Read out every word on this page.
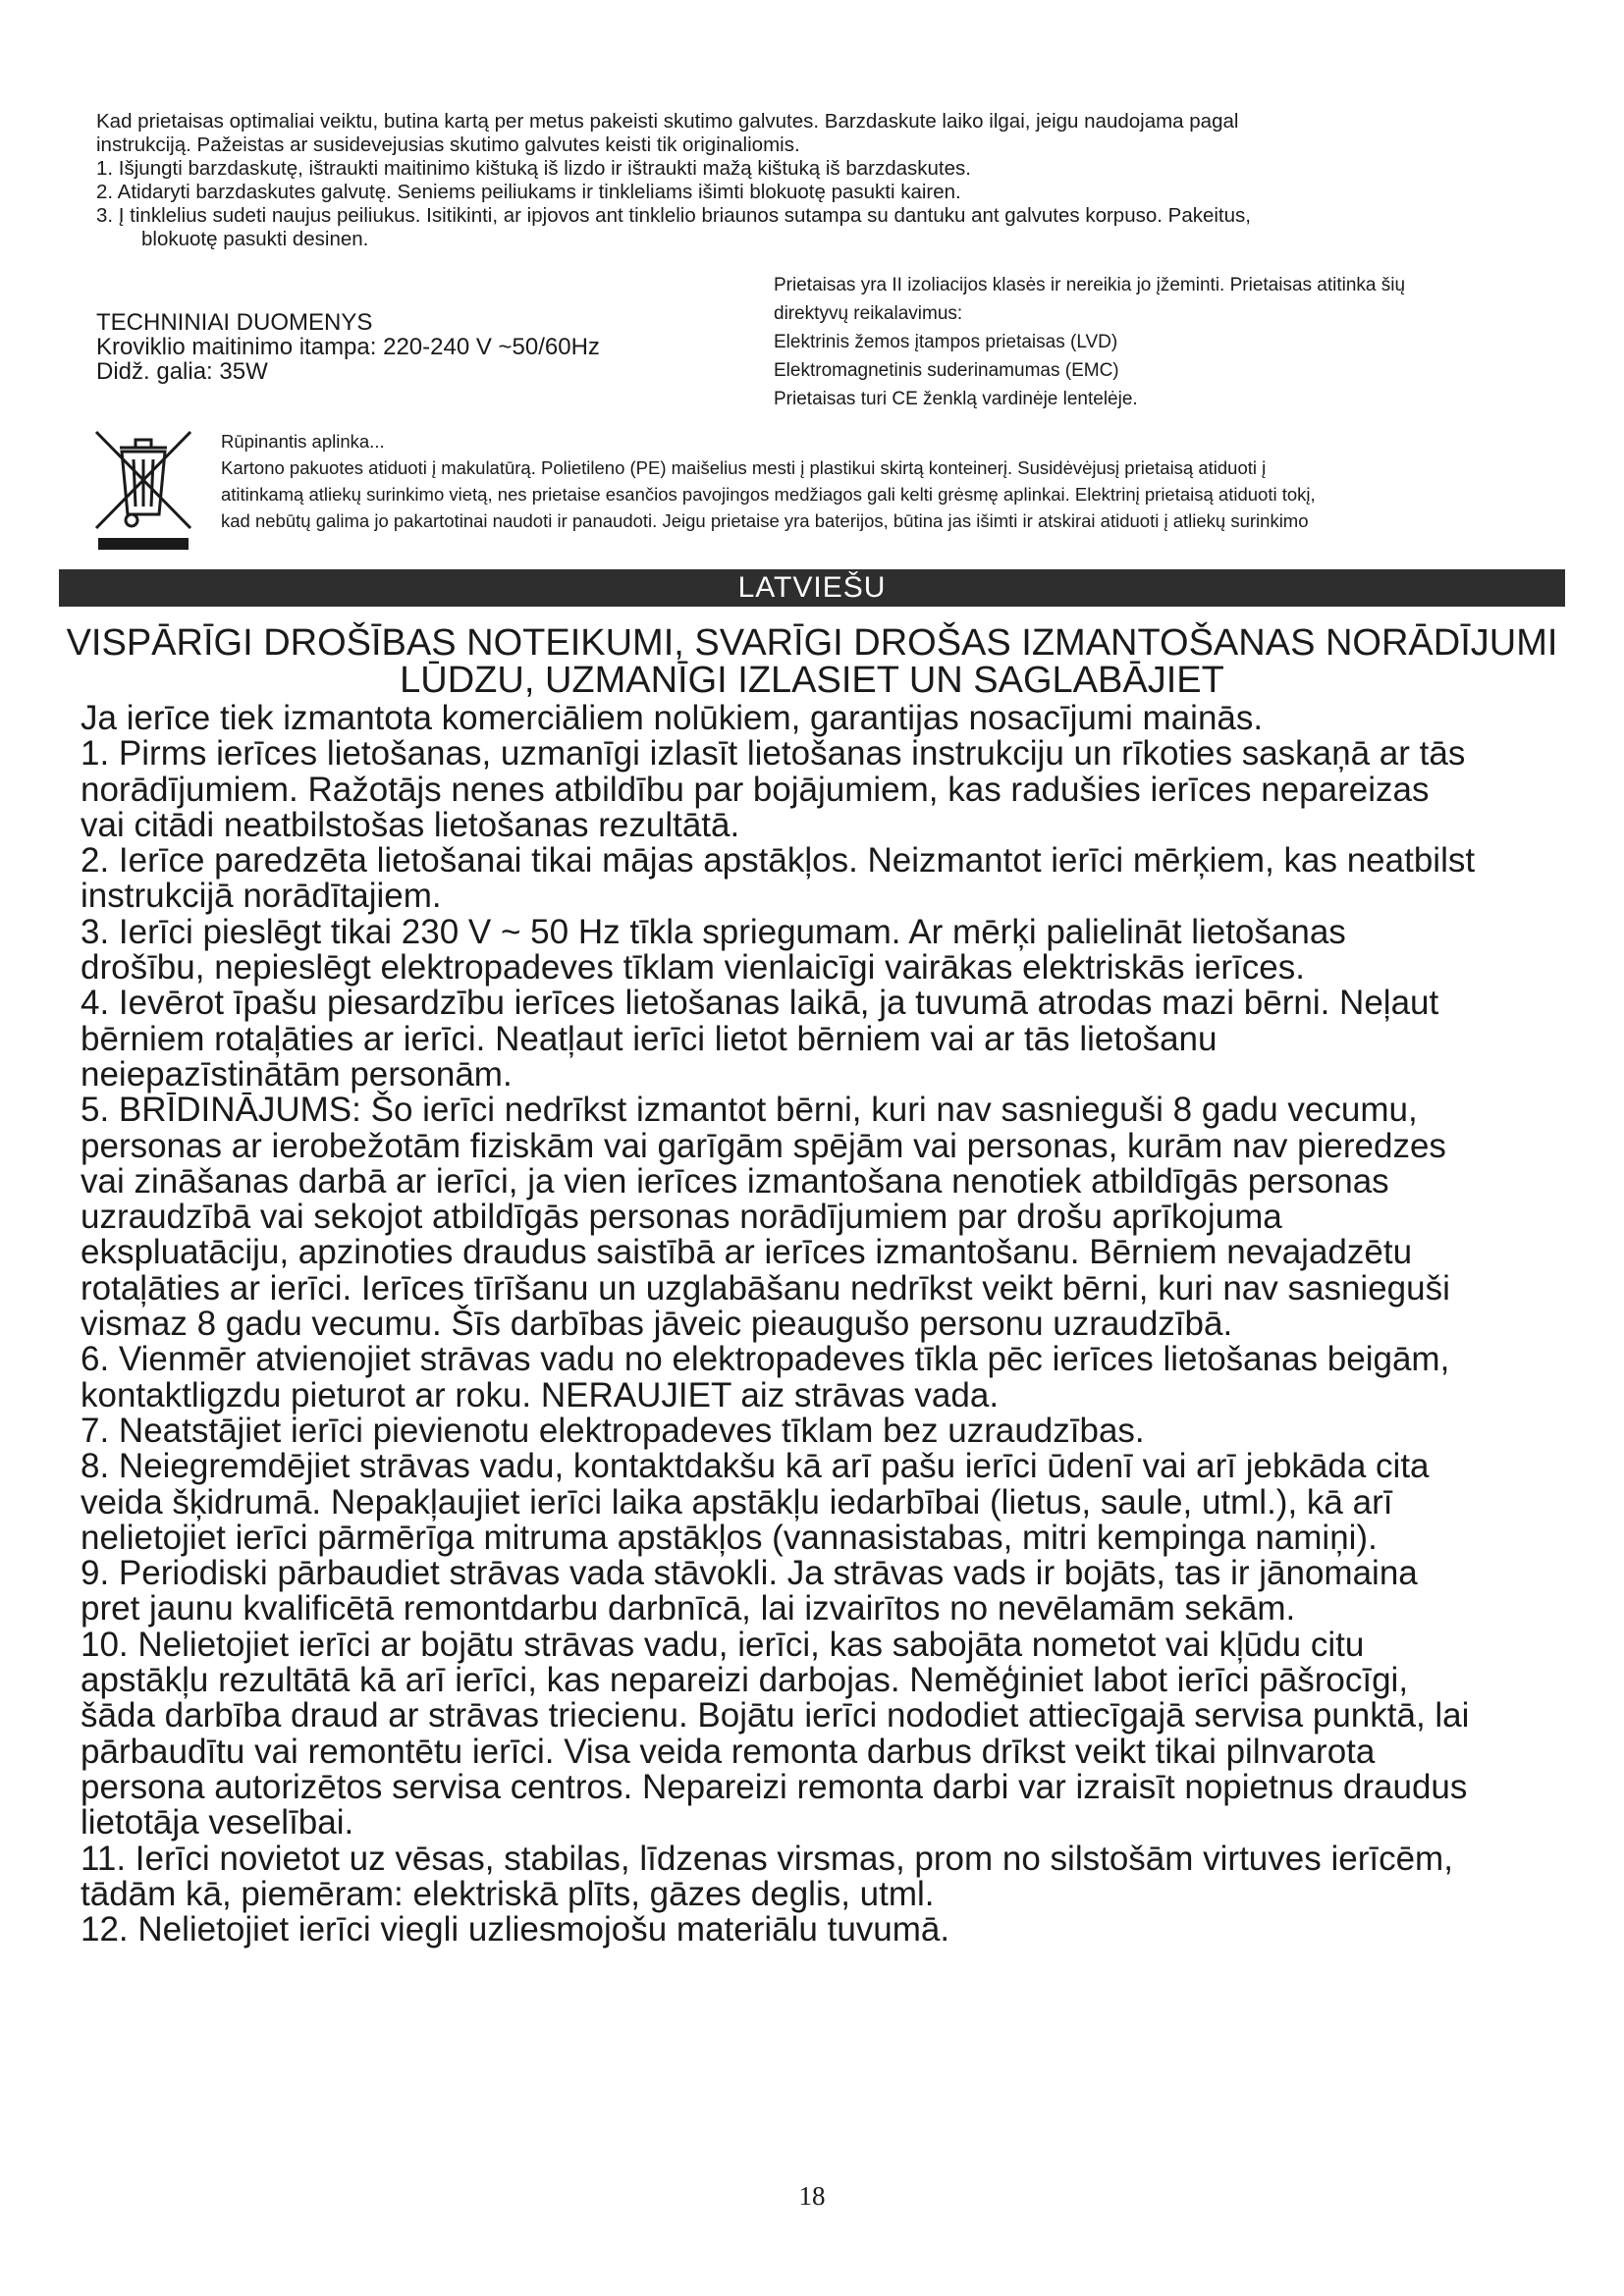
Kad prietaisas optimaliai veiktu, butina kartą per metus pakeisti skutimo galvutes. Barzdaskute laiko ilgai, jeigu naudojama pagal

instrukciją. Pažeistas ar susidevejusias skutimo galvutes keisti tik originaliomis.

1. Išjungti barzdaskutę, ištraukti maitinimo kištuką iš lizdo ir ištraukti mažą kištuką iš barzdaskutes.

2. Atidaryti barzdaskutes galvutę. Seniems peiliukams ir tinkleliams išimti blokuotę pasukti kairen.

3. Į tinklelius sudeti naujus peiliukus. Isitikinti, ar ipjovos ant tinklelio briaunos sutampa su dantuku ant galvutes korpuso. Pakeitus,

blokuotę pasukti desinen.

TECHNINIAI DUOMENYS
Kroviklio maitinimo itampa: 220-240 V ~50/60Hz
Didž. galia: 35W
Prietaisas yra II izoliacijos klasės ir nereikia jo įžeminti. Prietaisas atitinka šių
direktyvų reikalavimus:
Elektrinis žemos įtampos prietaisas (LVD)
Elektromagnetinis suderinamumas (EMC)
Prietaisas turi CE ženklą vardinėje lentelėje.
Rūpinantis aplinka...
Kartono pakuotes atiduoti į makulatūrą. Polietileno (PE) maišelius mesti į plastikui skirtą konteinerį. Susidėvėjusį prietaisą atiduoti į
atitinkamą atliekų surinkimo vietą, nes prietaise esančios pavojingos medžiagos gali kelti grėsmę aplinkai. Elektrinį prietaisą atiduoti tokį,
kad nebūtų galima jo pakartotinai naudoti ir panaudoti. Jeigu prietaise yra baterijos, būtina jas išimti ir atskirai atiduoti į atliekų surinkimo
LATVIEŠU
VISPĀRĪGI DROŠĪBAS NOTEIKUMI, SVARĪGI DROŠAS IZMANTOŠANAS NORĀDĪJUMI
LŪDZU, UZMANĪGI IZLASIET UN SAGLABĀJIET

Ja ierīce tiek izmantota komerciāliem nolūkiem, garantijas nosacījumi mainās.

1. Pirms ierīces lietošanas, uzmanīgi izlasīt lietošanas instrukciju un rīkoties saskaņā ar tās

norādījumiem. Ražotājs nenes atbildību par bojājumiem, kas radušies ierīces nepareizas

vai citādi neatbilstošas lietošanas rezultātā.

2. Ierīce paredzēta lietošanai tikai mājas apstākļos. Neizmantot ierīci mērķiem, kas neatbilst

instrukcijā norādītajiem.

3. Ierīci pieslēgt tikai 230 V ~ 50 Hz tīkla spriegumam. Ar mērķi palielināt lietošanas

drošību, nepieslēgt elektropadeves tīklam vienlaicīgi vairākas elektriskās ierīces.

4. Ievērot īpašu piesardzību ierīces lietošanas laikā, ja tuvumā atrodas mazi bērni. Neļaut

bērniem rotaļāties ar ierīci. Neatļaut ierīci lietot bērniem vai ar tās lietošanu

neiepazīstinātām personām.

5. BRĪDINĀJUMS: Šo ierīci nedrīkst izmantot bērni, kuri nav sasnieguši 8 gadu vecumu,

personas ar ierobežotām fiziskām vai garīgām spējām vai personas, kurām nav pieredzes

vai zināšanas darbā ar ierīci, ja vien ierīces izmantošana nenotiek atbildīgās personas

uzraudzībā vai sekojot atbildīgās personas norādījumiem par drošu aprīkojuma

ekspluatāciju, apzinoties draudus saistībā ar ierīces izmantošanu. Bērniem nevajadzētu

rotaļāties ar ierīci. Ierīces tīrīšanu un uzglabāšanu nedrīkst veikt bērni, kuri nav sasnieguši

vismaz 8 gadu vecumu. Šīs darbības jāveic pieaugušo personu uzraudzībā.

6. Vienmēr atvienojiet strāvas vadu no elektropadeves tīkla pēc ierīces lietošanas beigām,

kontaktligzdu pieturot ar roku. NERAUJIET aiz strāvas vada.

7. Neatstājiet ierīci pievienotu elektropadeves tīklam bez uzraudzības.

8. Neiegremdējiet strāvas vadu, kontaktdakšu kā arī pašu ierīci ūdenī vai arī jebkāda cita

veida šķidrumā. Nepakļaujiet ierīci laika apstākļu iedarbībai (lietus, saule, utml.), kā arī

nelietojiet ierīci pārmērīga mitruma apstākļos (vannasistabas, mitri kempinga namiņi).

9. Periodiski pārbaudiet strāvas vada stāvokli. Ja strāvas vads ir bojāts, tas ir jānomaina

pret jaunu kvalificētā remontdarbu darbnīcā, lai izvairītos no nevēlamām sekām.

10. Nelietojiet ierīci ar bojātu strāvas vadu, ierīci, kas sabojāta nometot vai kļūdu citu

apstākļu rezultātā kā arī ierīci, kas nepareizi darbojas. Neměģiniet labot ierīci pāšrocīgi,

šāda darbība draud ar strāvas triecienu. Bojātu ierīci nododiet attiecīgajā servisa punktā, lai

pārbaudītu vai remontētu ierīci. Visa veida remonta darbus drīkst veikt tikai pilnvarota

persona autorizētos servisa centros. Nepareizi remonta darbi var izraisīt nopietnus draudus

lietotāja veselībai.

11. Ierīci novietot uz vēsas, stabilas, līdzenas virsmas, prom no silstošām virtuves ierīcēm,

tādām kā, piemēram: elektriskā plīts, gāzes deglis, utml.

12. Nelietojiet ierīci viegli uzliesmojošu materiālu tuvumā.

18
